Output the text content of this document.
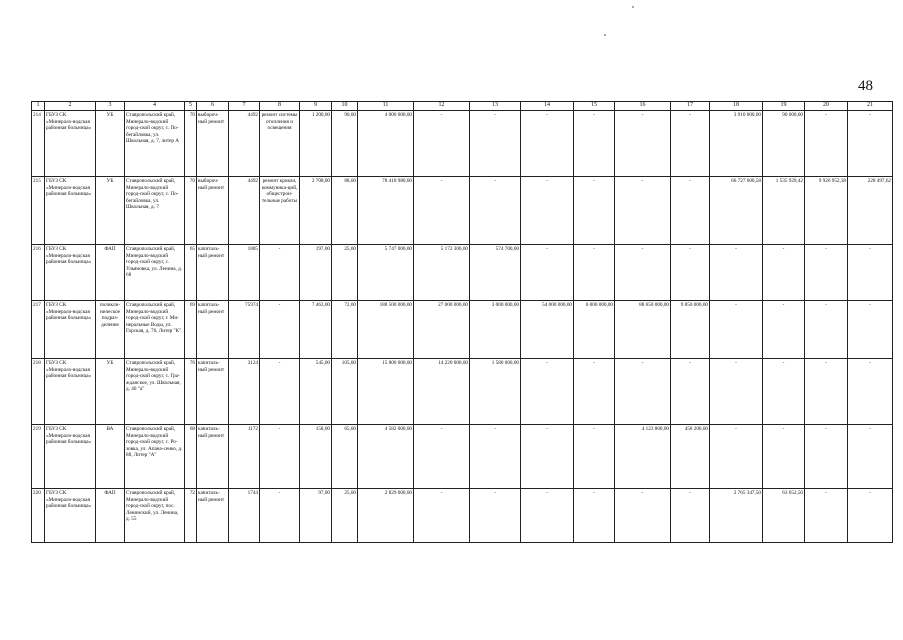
48
1	2	3	4	5	6	7	8	9	10	11	12	13	14	15	16	17	18	19	20	21
214	ГБУЗ СК «Минерало-водская районная больница»	УБ	Ставропольский край, Минерало-водский город-ской округ, с. По-бегайловка, ул. Школьная, д. 7, литер А	70	выбороч-ный ремонт	4492	ремонт системы отопления и освещения	1 200,00	90,00	4 000 000,00	-	-	-	-	-	-	3 910 000,00	90 000,00	-	-
215	ГБУЗ СК «Минерало-водская районная больница»	УБ	Ставропольский край, Минерало-водский город-ской округ, с. По-бегайловка, ул. Школьная, д. 7	70	выбороч-ный ремонт	4492	ремонт кровли, коммуника-ций, общестрои-тельные работы	2 708,00	88,00	78 418 980,00	-	-	-	-	-	-	66 727 600,58	1 535 929,42	9 926 952,38	228 497,62
216	ГБУЗ СК «Минерало-водская районная больница»	ФАП	Ставропольский край, Минерало-водский город-ской округ, с. Ульяновка, ул. Ленина, д. 68	65	капиталь-ный ремонт	1885	-	197,00	25,00	5 747 000,00	5 172 300,00	574 700,00	-	-	-	-	-	-	-	-
217	ГБУЗ СК «Минерало-водская районная больница»	поликли-ническое подраз-деление	Ставропольский край, Минерало-водский город-ской округ, г. Ми-неральные Воды, ул. Горская, д. 76, Литер "К"	69	капиталь-ный ремонт	75974	-	7 463,00	72,00	188 500 000,00	27 000 000,00	3 000 000,00	54 000 000,00	6 000 000,00	88 650 000,00	9 850 000,00	-	-	-	-
218	ГБУЗ СК «Минерало-водская районная больница»	УБ	Ставропольский край, Минерало-водский город-ской округ, с. Гра-жданское, ул. Школьная, д. 40 "а"	76	капиталь-ный ремонт	3124	-	545,00	105,00	15 800 000,00	14 220 000,00	1 580 000,00	-	-	-	-	-	-	-	-
219	ГБУЗ СК «Минерало-водская районная больница»	ВА	Ставропольский край, Минерало-водский город-ской округ, с. Ро-зовка, ул. Апана-сенко, д. 88, Литер "А"	68	капиталь-ный ремонт	1172	-	158,00	65,00	4 582 000,00	-	-	-	-	4 123 800,00	458 200,00	-	-	-	-
220	ГБУЗ СК «Минерало-водская районная больница»	ФАП	Ставропольский край, Минерало-водский город-ской округ, пос. Ленинский, ул. Ленина, д. 55	72	капиталь-ный ремонт	1744	-	97,00	25,00	2 829 000,00	-	-	-	-	-	-	2 765 347,50	63 652,50	-	-
